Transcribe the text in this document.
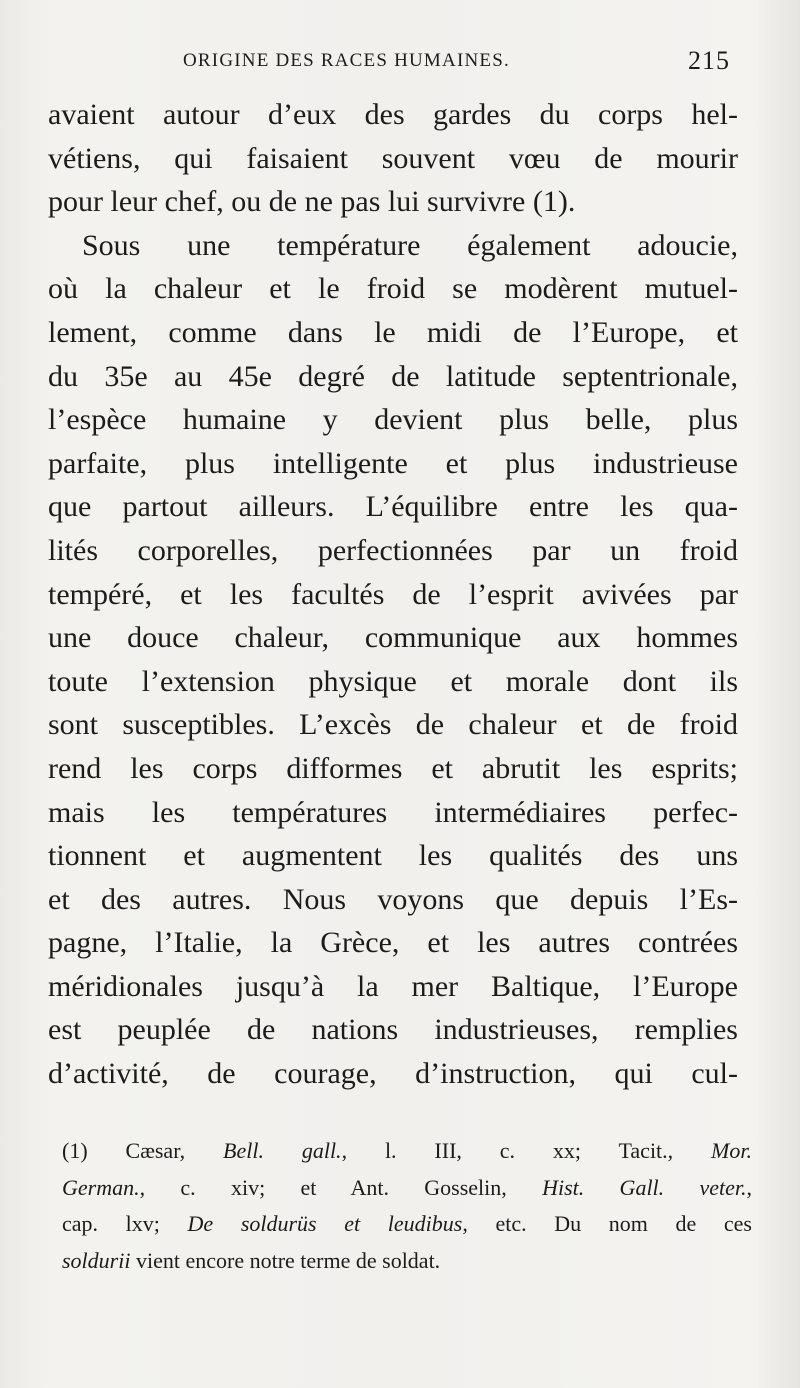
ORIGINE DES RACES HUMAINES.	215
avaient autour d’eux des gardes du corps hel-
vétiens, qui faisaient souvent vœu de mourir
pour leur chef, ou de ne pas lui survivre (1).
Sous une température également adoucie,
où la chaleur et le froid se modèrent mutuel-
lement, comme dans le midi de l’Europe, et
du 35e au 45e degré de latitude septentrionale,
l’espèce humaine y devient plus belle, plus
parfaite, plus intelligente et plus industrieuse
que partout ailleurs. L’équilibre entre les qua-
lités corporelles, perfectionnées par un froid
tempéré, et les facultés de l’esprit avivées par
une douce chaleur, communique aux hommes
toute l’extension physique et morale dont ils
sont susceptibles. L’excès de chaleur et de froid
rend les corps difformes et abrutit les esprits;
mais les températures intermédiaires perfec-
tionnent et augmentent les qualités des uns
et des autres. Nous voyons que depuis l’Es-
pagne, l’Italie, la Grèce, et les autres contrées
méridionales jusqu’à la mer Baltique, l’Europe
est peuplée de nations industrieuses, remplies
d’activité, de courage, d’instruction, qui cul-
(1) Cæsar, Bell. gall., l. III, c. xx; Tacit., Mor.
German., c. xiv; et Ant. Gosselin, Hist. Gall. veter.,
cap. lxv; De soldurüs et leudibus, etc. Du nom de ces
soldurii vient encore notre terme de soldat.
